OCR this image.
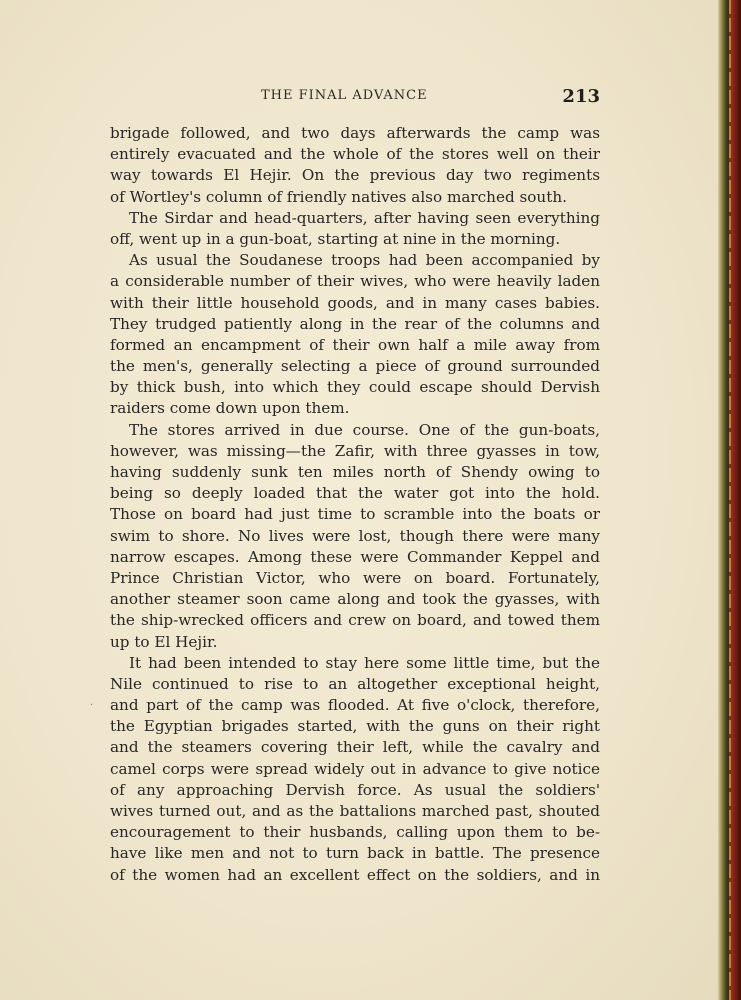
THE FINAL ADVANCE	213
brigade followed, and two days afterwards the camp was
entirely evacuated and the whole of the stores well on their
way towards El Hejir. On the previous day two regiments
of Wortley's column of friendly natives also marched south.
The Sirdar and head-quarters, after having seen everything
off, went up in a gun-boat, starting at nine in the morning.
As usual the Soudanese troops had been accompanied by
a considerable number of their wives, who were heavily laden
with their little household goods, and in many cases babies.
They trudged patiently along in the rear of the columns and
formed an encampment of their own half a mile away from
the men's, generally selecting a piece of ground surrounded
by thick bush, into which they could escape should Dervish
raiders come down upon them.
The stores arrived in due course. One of the gun-boats,
however, was missing—the Zafir, with three gyasses in tow,
having suddenly sunk ten miles north of Shendy owing to
being so deeply loaded that the water got into the hold.
Those on board had just time to scramble into the boats or
swim to shore. No lives were lost, though there were many
narrow escapes. Among these were Commander Keppel and
Prince Christian Victor, who were on board. Fortunately,
another steamer soon came along and took the gyasses, with
the ship-wrecked officers and crew on board, and towed them
up to El Hejir.
It had been intended to stay here some little time, but the
Nile continued to rise to an altogether exceptional height,
and part of the camp was flooded. At five o'clock, therefore,
the Egyptian brigades started, with the guns on their right
and the steamers covering their left, while the cavalry and
camel corps were spread widely out in advance to give notice
of any approaching Dervish force. As usual the soldiers'
wives turned out, and as the battalions marched past, shouted
encouragement to their husbands, calling upon them to be-
have like men and not to turn back in battle. The presence
of the women had an excellent effect on the soldiers, and in
·
